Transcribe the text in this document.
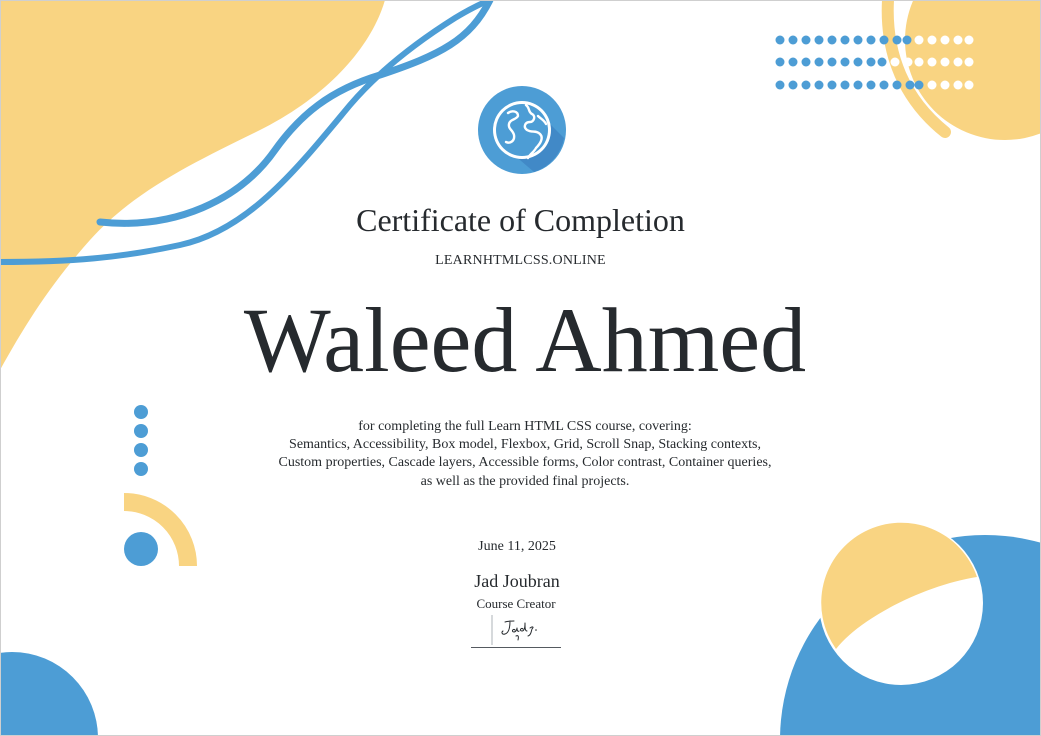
Certificate of Completion
LEARNHTMLCSS.ONLINE
Waleed Ahmed
for completing the full Learn HTML CSS course, covering:
Semantics, Accessibility, Box model, Flexbox, Grid, Scroll Snap, Stacking contexts,
Custom properties, Cascade layers, Accessible forms, Color contrast, Container queries,
as well as the provided final projects.
June 11, 2025
Jad Joubran
Course Creator
